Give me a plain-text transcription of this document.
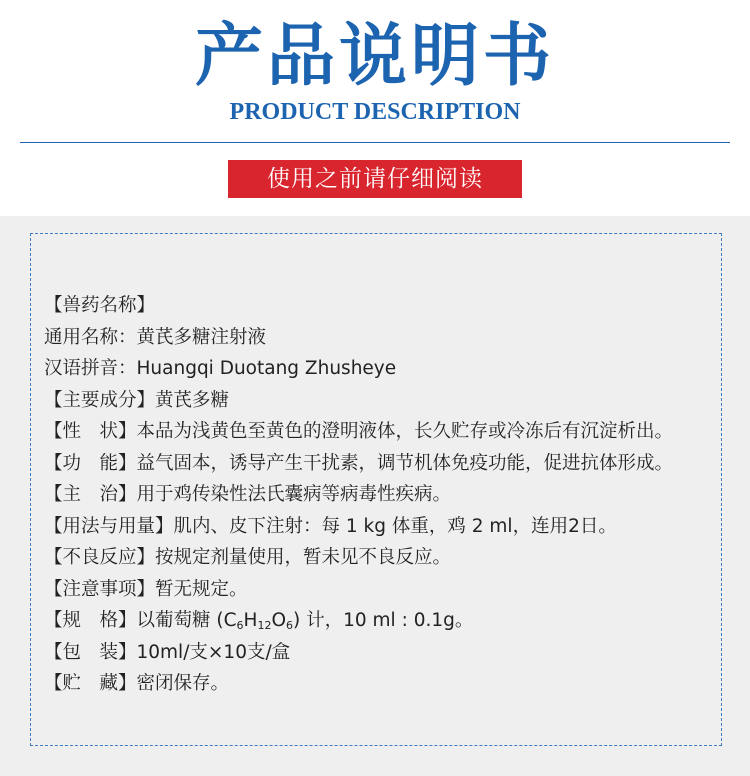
产品说明书
PRODUCT DESCRIPTION
使用之前请仔细阅读
【兽药名称】
通用名称：黄芪多糖注射液
汉语拼音：Huangqi Duotang Zhusheye
【主要成分】黄芪多糖
【性　状】本品为浅黄色至黄色的澄明液体，长久贮存或冷冻后有沉淀析出。
【功　能】益气固本，诱导产生干扰素，调节机体免疫功能，促进抗体形成。
【主　治】用于鸡传染性法氏囊病等病毒性疾病。
【用法与用量】肌内、皮下注射：每 1 kg 体重，鸡 2 ml，连用2日。
【不良反应】按规定剂量使用，暂未见不良反应。
【注意事项】暂无规定。
【规　格】以葡萄糖 $(C_6H_{12}O_6)$ 计，10 ml : 0.1g。
【包　装】10ml/支×10支/盒
【贮　藏】密闭保存。
